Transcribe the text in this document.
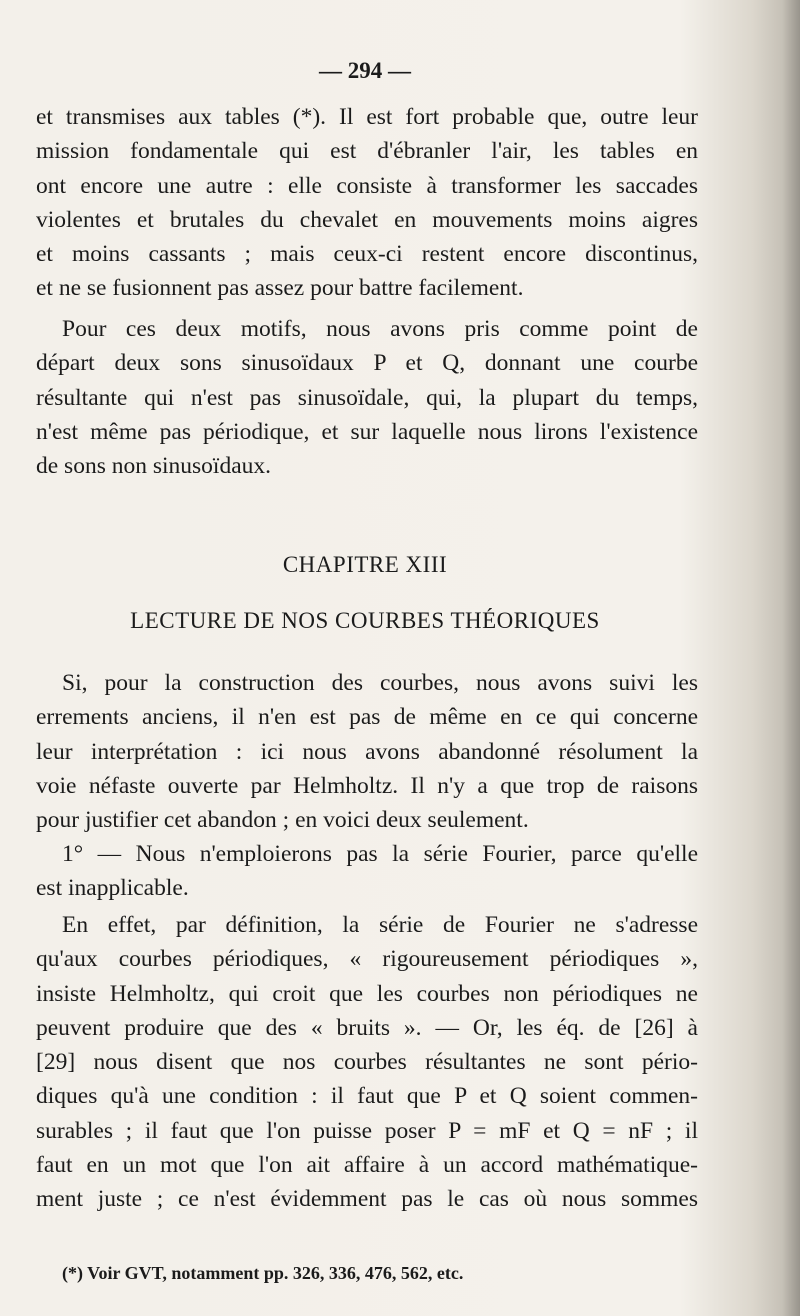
— 294 —
et transmises aux tables (*). Il est fort probable que, outre leur
mission fondamentale qui est d'ébranler l'air, les tables en
ont encore une autre : elle consiste à transformer les saccades
violentes et brutales du chevalet en mouvements moins aigres
et moins cassants ; mais ceux-ci restent encore discontinus,
et ne se fusionnent pas assez pour battre facilement.
Pour ces deux motifs, nous avons pris comme point de
départ deux sons sinusoïdaux P et Q, donnant une courbe
résultante qui n'est pas sinusoïdale, qui, la plupart du temps,
n'est même pas périodique, et sur laquelle nous lirons l'existence
de sons non sinusoïdaux.
CHAPITRE XIII
LECTURE DE NOS COURBES THÉORIQUES
Si, pour la construction des courbes, nous avons suivi les
errements anciens, il n'en est pas de même en ce qui concerne
leur interprétation : ici nous avons abandonné résolument la
voie néfaste ouverte par Helmholtz. Il n'y a que trop de raisons
pour justifier cet abandon ; en voici deux seulement.
1° — Nous n'emploierons pas la série Fourier, parce qu'elle
est inapplicable.
En effet, par définition, la série de Fourier ne s'adresse
qu'aux courbes périodiques, « rigoureusement périodiques »,
insiste Helmholtz, qui croit que les courbes non périodiques ne
peuvent produire que des « bruits ». — Or, les éq. de [26] à
[29] nous disent que nos courbes résultantes ne sont pério-
diques qu'à une condition : il faut que P et Q soient commen-
surables ; il faut que l'on puisse poser P = mF et Q = nF ; il
faut en un mot que l'on ait affaire à un accord mathématique-
ment juste ; ce n'est évidemment pas le cas où nous sommes
(*) Voir GVT, notamment pp. 326, 336, 476, 562, etc.
